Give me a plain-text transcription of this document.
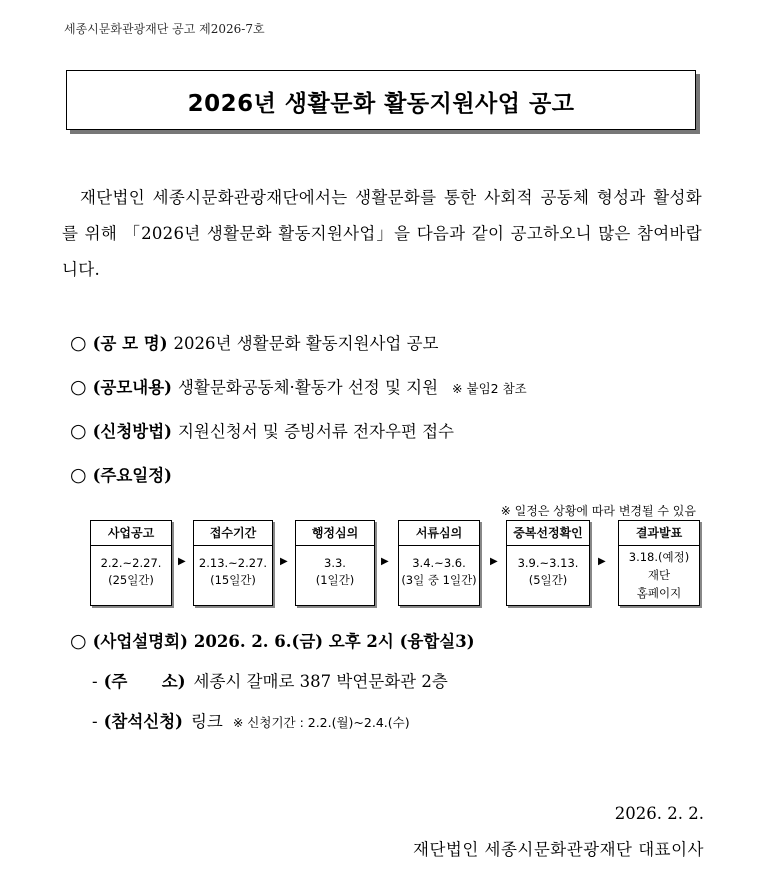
세종시문화관광재단 공고 제2026-7호
2026년 생활문화 활동지원사업 공고
재단법인 세종시문화관광재단에서는 생활문화를 통한 사회적 공동체 형성과 활성화를 위해 「2026년 생활문화 활동지원사업」을 다음과 같이 공고하오니 많은 참여바랍니다.
○ (공 모 명) 2026년 생활문화 활동지원사업 공모
○ (공모내용) 생활문화공동체·활동가 선정 및 지원 ※ 붙임2 참조
○ (신청방법) 지원신청서 및 증빙서류 전자우편 접수
○ (주요일정)
※ 일정은 상황에 따라 변경될 수 있음
사업공고
2.2.~2.27.
(25일간)
▶
접수기간
2.13.~2.27.
(15일간)
▶
행정심의
3.3.
(1일간)
▶
서류심의
3.4.~3.6.
(3일 중 1일간)
▶
중복선정확인
3.9.~3.13.
(5일간)
▶
결과발표
3.18.(예정)
재단
홈페이지
○ (사업설명회) 2026. 2. 6.(금) 오후 2시 (융합실3)
- (주      소) 세종시 갈매로 387 박연문화관 2층
- (참석신청) 링크 ※ 신청기간 : 2.2.(월)~2.4.(수)
2026. 2. 2.
재단법인 세종시문화관광재단 대표이사
